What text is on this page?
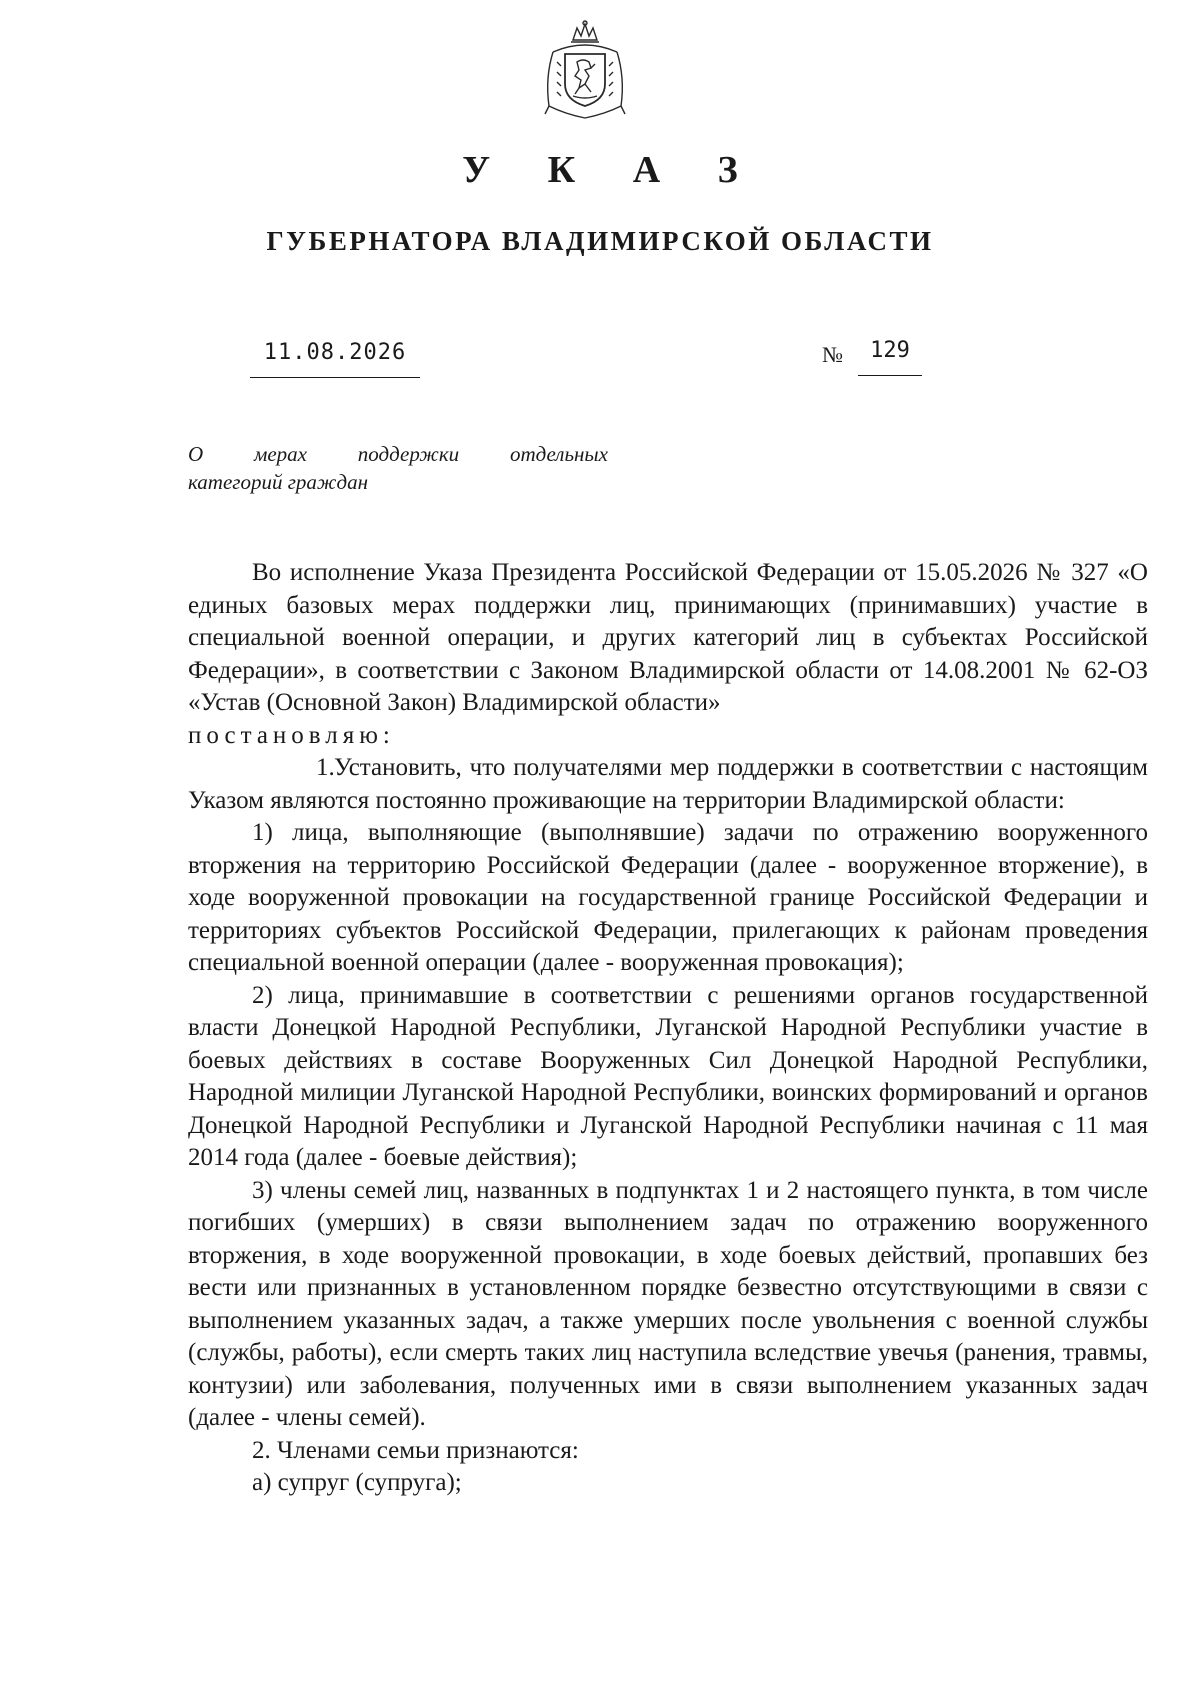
У К А З
ГУБЕРНАТОРА ВЛАДИМИРСКОЙ ОБЛАСТИ
11.08.2026	№	129
О мерах поддержки отдельных
категорий граждан

Во исполнение Указа Президента Российской Федерации от 15.05.2026 № 327 «О единых базовых мерах поддержки лиц, принимающих (принимавших) участие в специальной военной операции, и других категорий лиц в субъектах Российской Федерации», в соответствии с Законом Владимирской области от 14.08.2001 № 62-ОЗ «Устав (Основной Закон) Владимирской области»

постановляю:

1.Установить, что получателями мер поддержки в соответствии с настоящим Указом являются постоянно проживающие на территории Владимирской области:

1) лица, выполняющие (выполнявшие) задачи по отражению вооруженного вторжения на территорию Российской Федерации (далее - вооруженное вторжение), в ходе вооруженной провокации на государственной границе Российской Федерации и территориях субъектов Российской Федерации, прилегающих к районам проведения специальной военной операции (далее - вооруженная провокация);

2) лица, принимавшие в соответствии с решениями органов государственной власти Донецкой Народной Республики, Луганской Народной Республики участие в боевых действиях в составе Вооруженных Сил Донецкой Народной Республики, Народной милиции Луганской Народной Республики, воинских формирований и органов Донецкой Народной Республики и Луганской Народной Республики начиная с 11 мая 2014 года (далее - боевые действия);

3) члены семей лиц, названных в подпунктах 1 и 2 настоящего пункта, в том числе погибших (умерших) в связи выполнением задач по отражению вооруженного вторжения, в ходе вооруженной провокации, в ходе боевых действий, пропавших без вести или признанных в установленном порядке безвестно отсутствующими в связи с выполнением указанных задач, а также умерших после увольнения с военной службы (службы, работы), если смерть таких лиц наступила вследствие увечья (ранения, травмы, контузии) или заболевания, полученных ими в связи выполнением указанных задач (далее - члены семей).

2. Членами семьи признаются:

а) супруг (супруга);
